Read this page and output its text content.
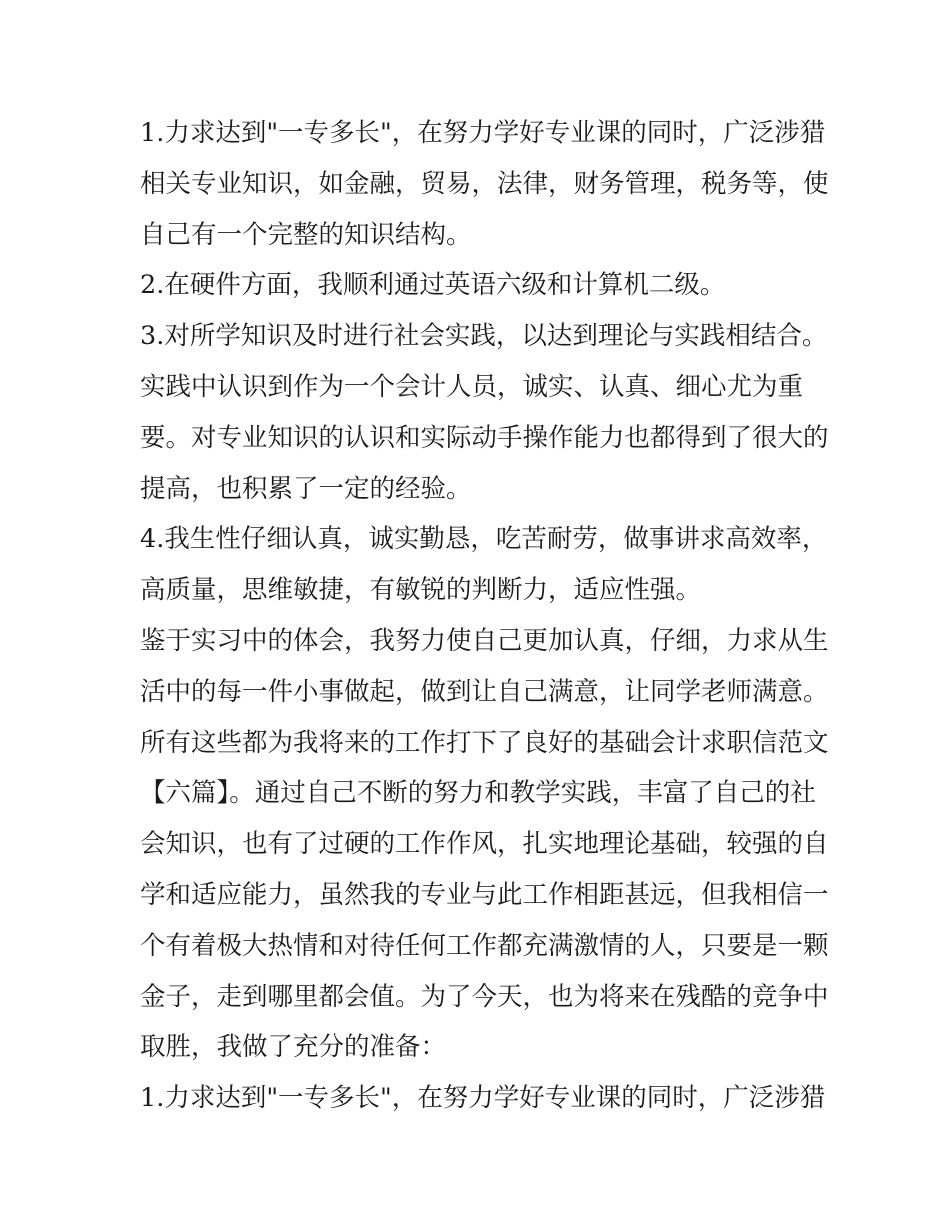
1.力求达到"一专多长"，在努力学好专业课的同时，广泛涉猎
相关专业知识，如金融，贸易，法律，财务管理，税务等，使
自己有一个完整的知识结构。
2.在硬件方面，我顺利通过英语六级和计算机二级。
3.对所学知识及时进行社会实践，以达到理论与实践相结合。
实践中认识到作为一个会计人员，诚实、认真、细心尤为重
要。对专业知识的认识和实际动手操作能力也都得到了很大的
提高，也积累了一定的经验。
4.我生性仔细认真，诚实勤恳，吃苦耐劳，做事讲求高效率，
高质量，思维敏捷，有敏锐的判断力，适应性强。
鉴于实习中的体会，我努力使自己更加认真，仔细，力求从生
活中的每一件小事做起，做到让自己满意，让同学老师满意。
所有这些都为我将来的工作打下了良好的基础会计求职信范文
【六篇】。通过自己不断的努力和教学实践，丰富了自己的社
会知识，也有了过硬的工作作风，扎实地理论基础，较强的自
学和适应能力，虽然我的专业与此工作相距甚远，但我相信一
个有着极大热情和对待任何工作都充满激情的人，只要是一颗
金子，走到哪里都会值。为了今天，也为将来在残酷的竞争中
取胜，我做了充分的准备：
1.力求达到"一专多长"，在努力学好专业课的同时，广泛涉猎
